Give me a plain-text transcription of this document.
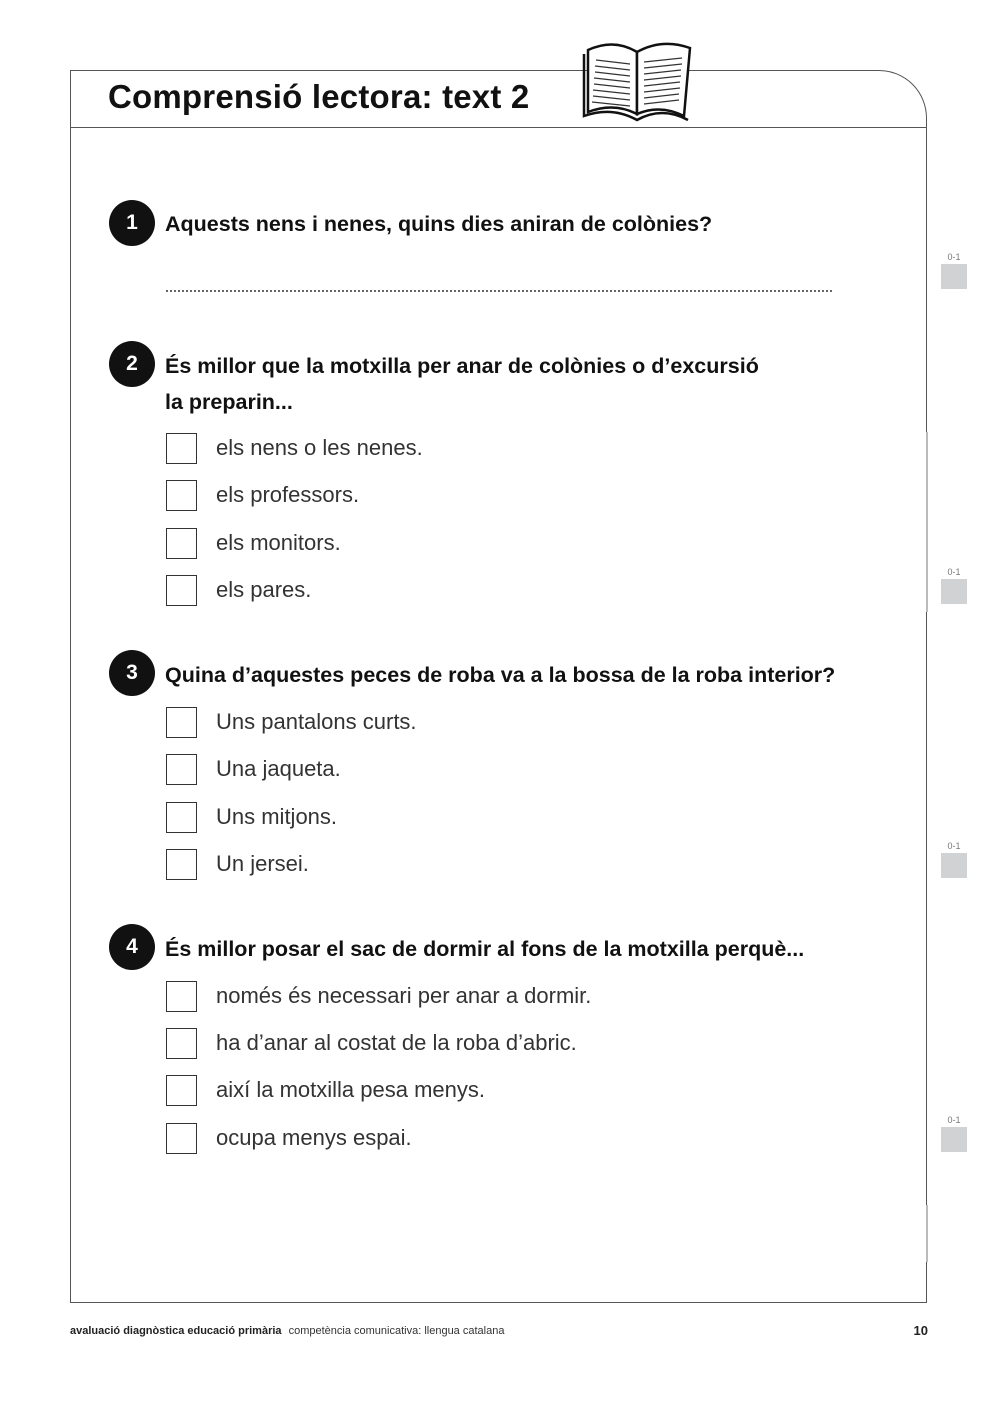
Comprensió lectora: text 2
1	Aquests nens i nenes, quins dies aniran de colònies?
2	És millor que la motxilla per anar de colònies o d’excursió
la preparin...
els nens o les nenes.
els professors.
els monitors.
els pares.
3	Quina d’aquestes peces de roba va a la bossa de la roba interior?
Uns pantalons curts.
Una jaqueta.
Uns mitjons.
Un jersei.
4	És millor posar el sac de dormir al fons de la motxilla perquè...
només és necessari per anar a dormir.
ha d’anar al costat de la roba d’abric.
així la motxilla pesa menys.
ocupa menys espai.
0-1
0-1
0-1
0-1
avaluació diagnòstica educació primària competència comunicativa: llengua catalana	10
